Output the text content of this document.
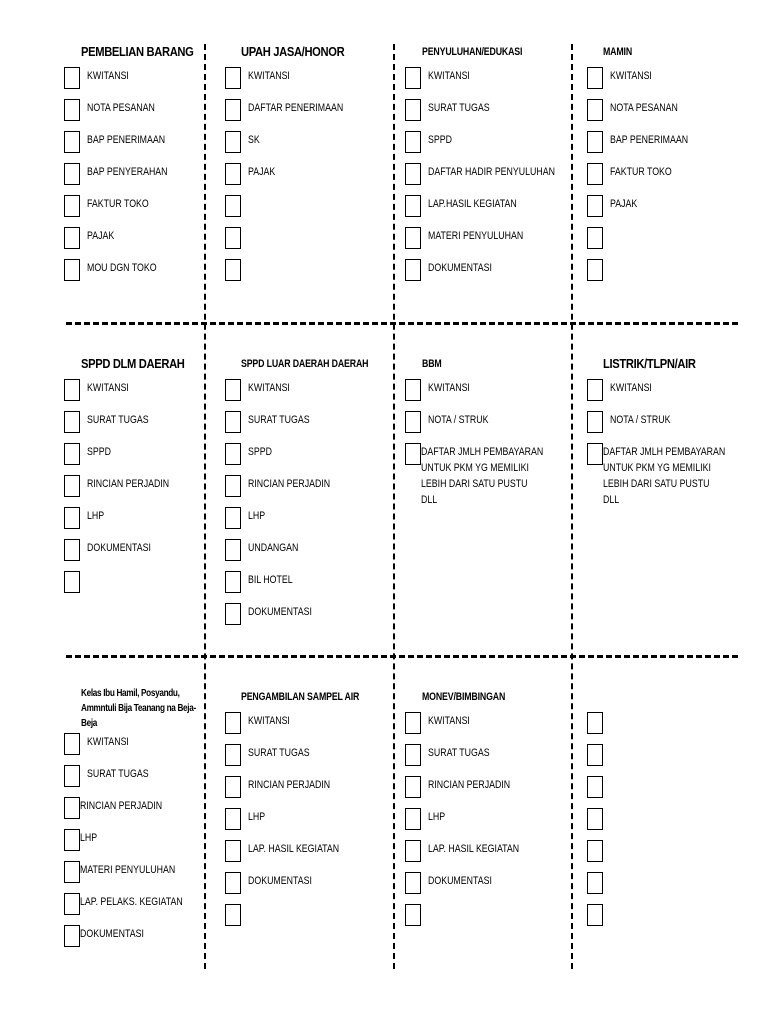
PEMBELIAN BARANG
KWITANSI
NOTA PESANAN
BAP PENERIMAAN
BAP PENYERAHAN
FAKTUR TOKO
PAJAK
MOU DGN TOKO
UPAH JASA/HONOR
KWITANSI
DAFTAR PENERIMAAN
SK
PAJAK
PENYULUHAN/EDUKASI
KWITANSI
SURAT TUGAS
SPPD
DAFTAR HADIR PENYULUHAN
LAP.HASIL KEGIATAN
MATERI PENYULUHAN
DOKUMENTASI
MAMIN
KWITANSI
NOTA PESANAN
BAP PENERIMAAN
FAKTUR TOKO
PAJAK
SPPD DLM DAERAH
KWITANSI
SURAT TUGAS
SPPD
RINCIAN PERJADIN
LHP
DOKUMENTASI
SPPD LUAR DAERAH DAERAH
KWITANSI
SURAT TUGAS
SPPD
RINCIAN PERJADIN
LHP
UNDANGAN
BIL HOTEL
DOKUMENTASI
BBM
KWITANSI
NOTA / STRUK
DAFTAR JMLH PEMBAYARAN UNTUK PKM YG MEMILIKI LEBIH DARI SATU PUSTU DLL
LISTRIK/TLPN/AIR
KWITANSI
NOTA / STRUK
DAFTAR JMLH PEMBAYARAN UNTUK PKM YG MEMILIKI LEBIH DARI SATU PUSTU DLL
Kelas Ibu Hamil, Posyandu, Ammntuli Bija Teanang na Beja-Beja
KWITANSI
SURAT TUGAS
RINCIAN PERJADIN
LHP
MATERI PENYULUHAN
LAP. PELAKS. KEGIATAN
DOKUMENTASI
PENGAMBILAN SAMPEL AIR
KWITANSI
SURAT TUGAS
RINCIAN PERJADIN
LHP
LAP. HASIL KEGIATAN
DOKUMENTASI
MONEV/BIMBINGAN
KWITANSI
SURAT TUGAS
RINCIAN PERJADIN
LHP
LAP. HASIL KEGIATAN
DOKUMENTASI
